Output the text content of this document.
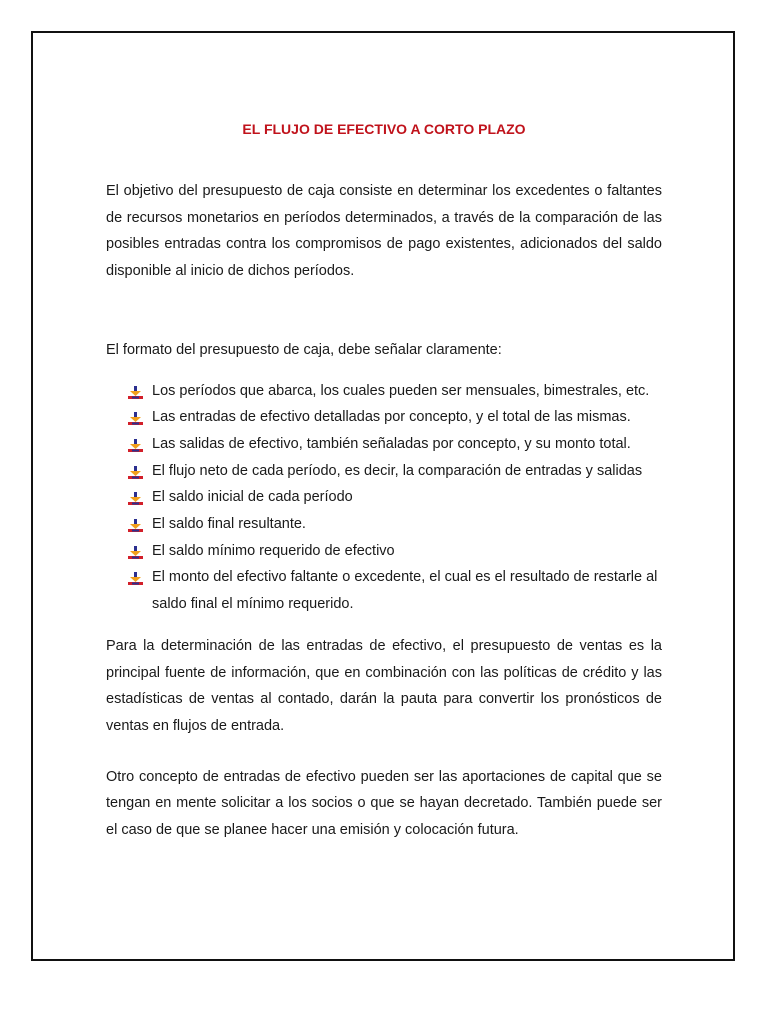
EL FLUJO DE EFECTIVO A CORTO PLAZO

El objetivo del presupuesto de caja consiste en determinar los excedentes o faltantes de recursos monetarios en períodos determinados, a través de la comparación de las posibles entradas contra los compromisos de pago existentes, adicionados del saldo disponible al inicio de dichos períodos.

El formato del presupuesto de caja, debe señalar claramente:

Los períodos que abarca, los cuales pueden ser mensuales, bimestrales, etc.
Las entradas de efectivo detalladas por concepto, y el total de las mismas.
Las salidas de efectivo, también señaladas por concepto, y su monto total.
El flujo neto de cada período, es decir, la comparación de entradas y salidas
El saldo inicial de cada período
El saldo final resultante.
El saldo mínimo requerido de efectivo
El monto del efectivo faltante o excedente, el cual es el resultado de restarle al saldo final el mínimo requerido.

Para la determinación de las entradas de efectivo, el presupuesto de ventas es la principal fuente de información, que en combinación con las políticas de crédito y las estadísticas de ventas al contado, darán la pauta para convertir los pronósticos de ventas en flujos de entrada.

Otro concepto de entradas de efectivo pueden ser las aportaciones de capital que se tengan en mente solicitar a los socios o que se hayan decretado. También puede ser el caso de que se planee hacer una emisión y colocación futura.
